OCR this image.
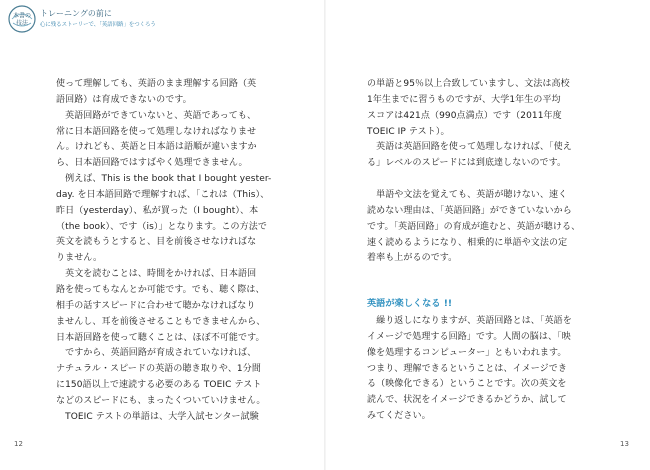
本書の
技法
トレーニングの前に
心に残るストーリーで、「英語回路」をつくろう

使って理解しても、英語のまま理解する回路（英

語回路）は育成できないのです。

　英語回路ができていないと、英語であっても、

常に日本語回路を使って処理しなければなりませ

ん。けれども、英語と日本語は語順が違いますか

ら、日本語回路ではすばやく処理できません。

　例えば、This is the book that I bought yester-

day. を日本語回路で理解すれば、「これは（This）、

昨日（yesterday）、私が買った（I bought）、本

（the book）、です（is）」となります。この方法で

英文を読もうとすると、目を前後させなければな

りません。

　英文を読むことは、時間をかければ、日本語回

路を使ってもなんとか可能です。でも、聴く際は、

相手の話すスピードに合わせて聴かなければなり

ませんし、耳を前後させることもできませんから、

日本語回路を使って聴くことは、ほぼ不可能です。

　ですから、英語回路が育成されていなければ、

ナチュラル・スピードの英語の聴き取りや、1分間

に150語以上で速読する必要のある TOEIC テスト

などのスピードにも、まったくついていけません。

　TOEIC テストの単語は、大学入試センター試験

の単語と95％以上合致していますし、文法は高校

1年生までに習うものですが、大学1年生の平均

スコアは421点（990点満点）です（2011年度

TOEIC IP テスト）。

　英語は英語回路を使って処理しなければ、「使え

る」レベルのスピードには到底達しないのです。

　単語や文法を覚えても、英語が聴けない、速く

読めない理由は、「英語回路」ができていないから

です。「英語回路」の育成が進むと、英語が聴ける、

速く読めるようになり、相乗的に単語や文法の定

着率も上がるのです。

英語が楽しくなる !!

　繰り返しになりますが、英語回路とは、「英語を

イメージで処理する回路」です。人間の脳は、「映

像を処理するコンピューター」ともいわれます。

つまり、理解できるということは、イメージでき

る（映像化できる）ということです。次の英文を

読んで、状況をイメージできるかどうか、試して

みてください。

12	13
